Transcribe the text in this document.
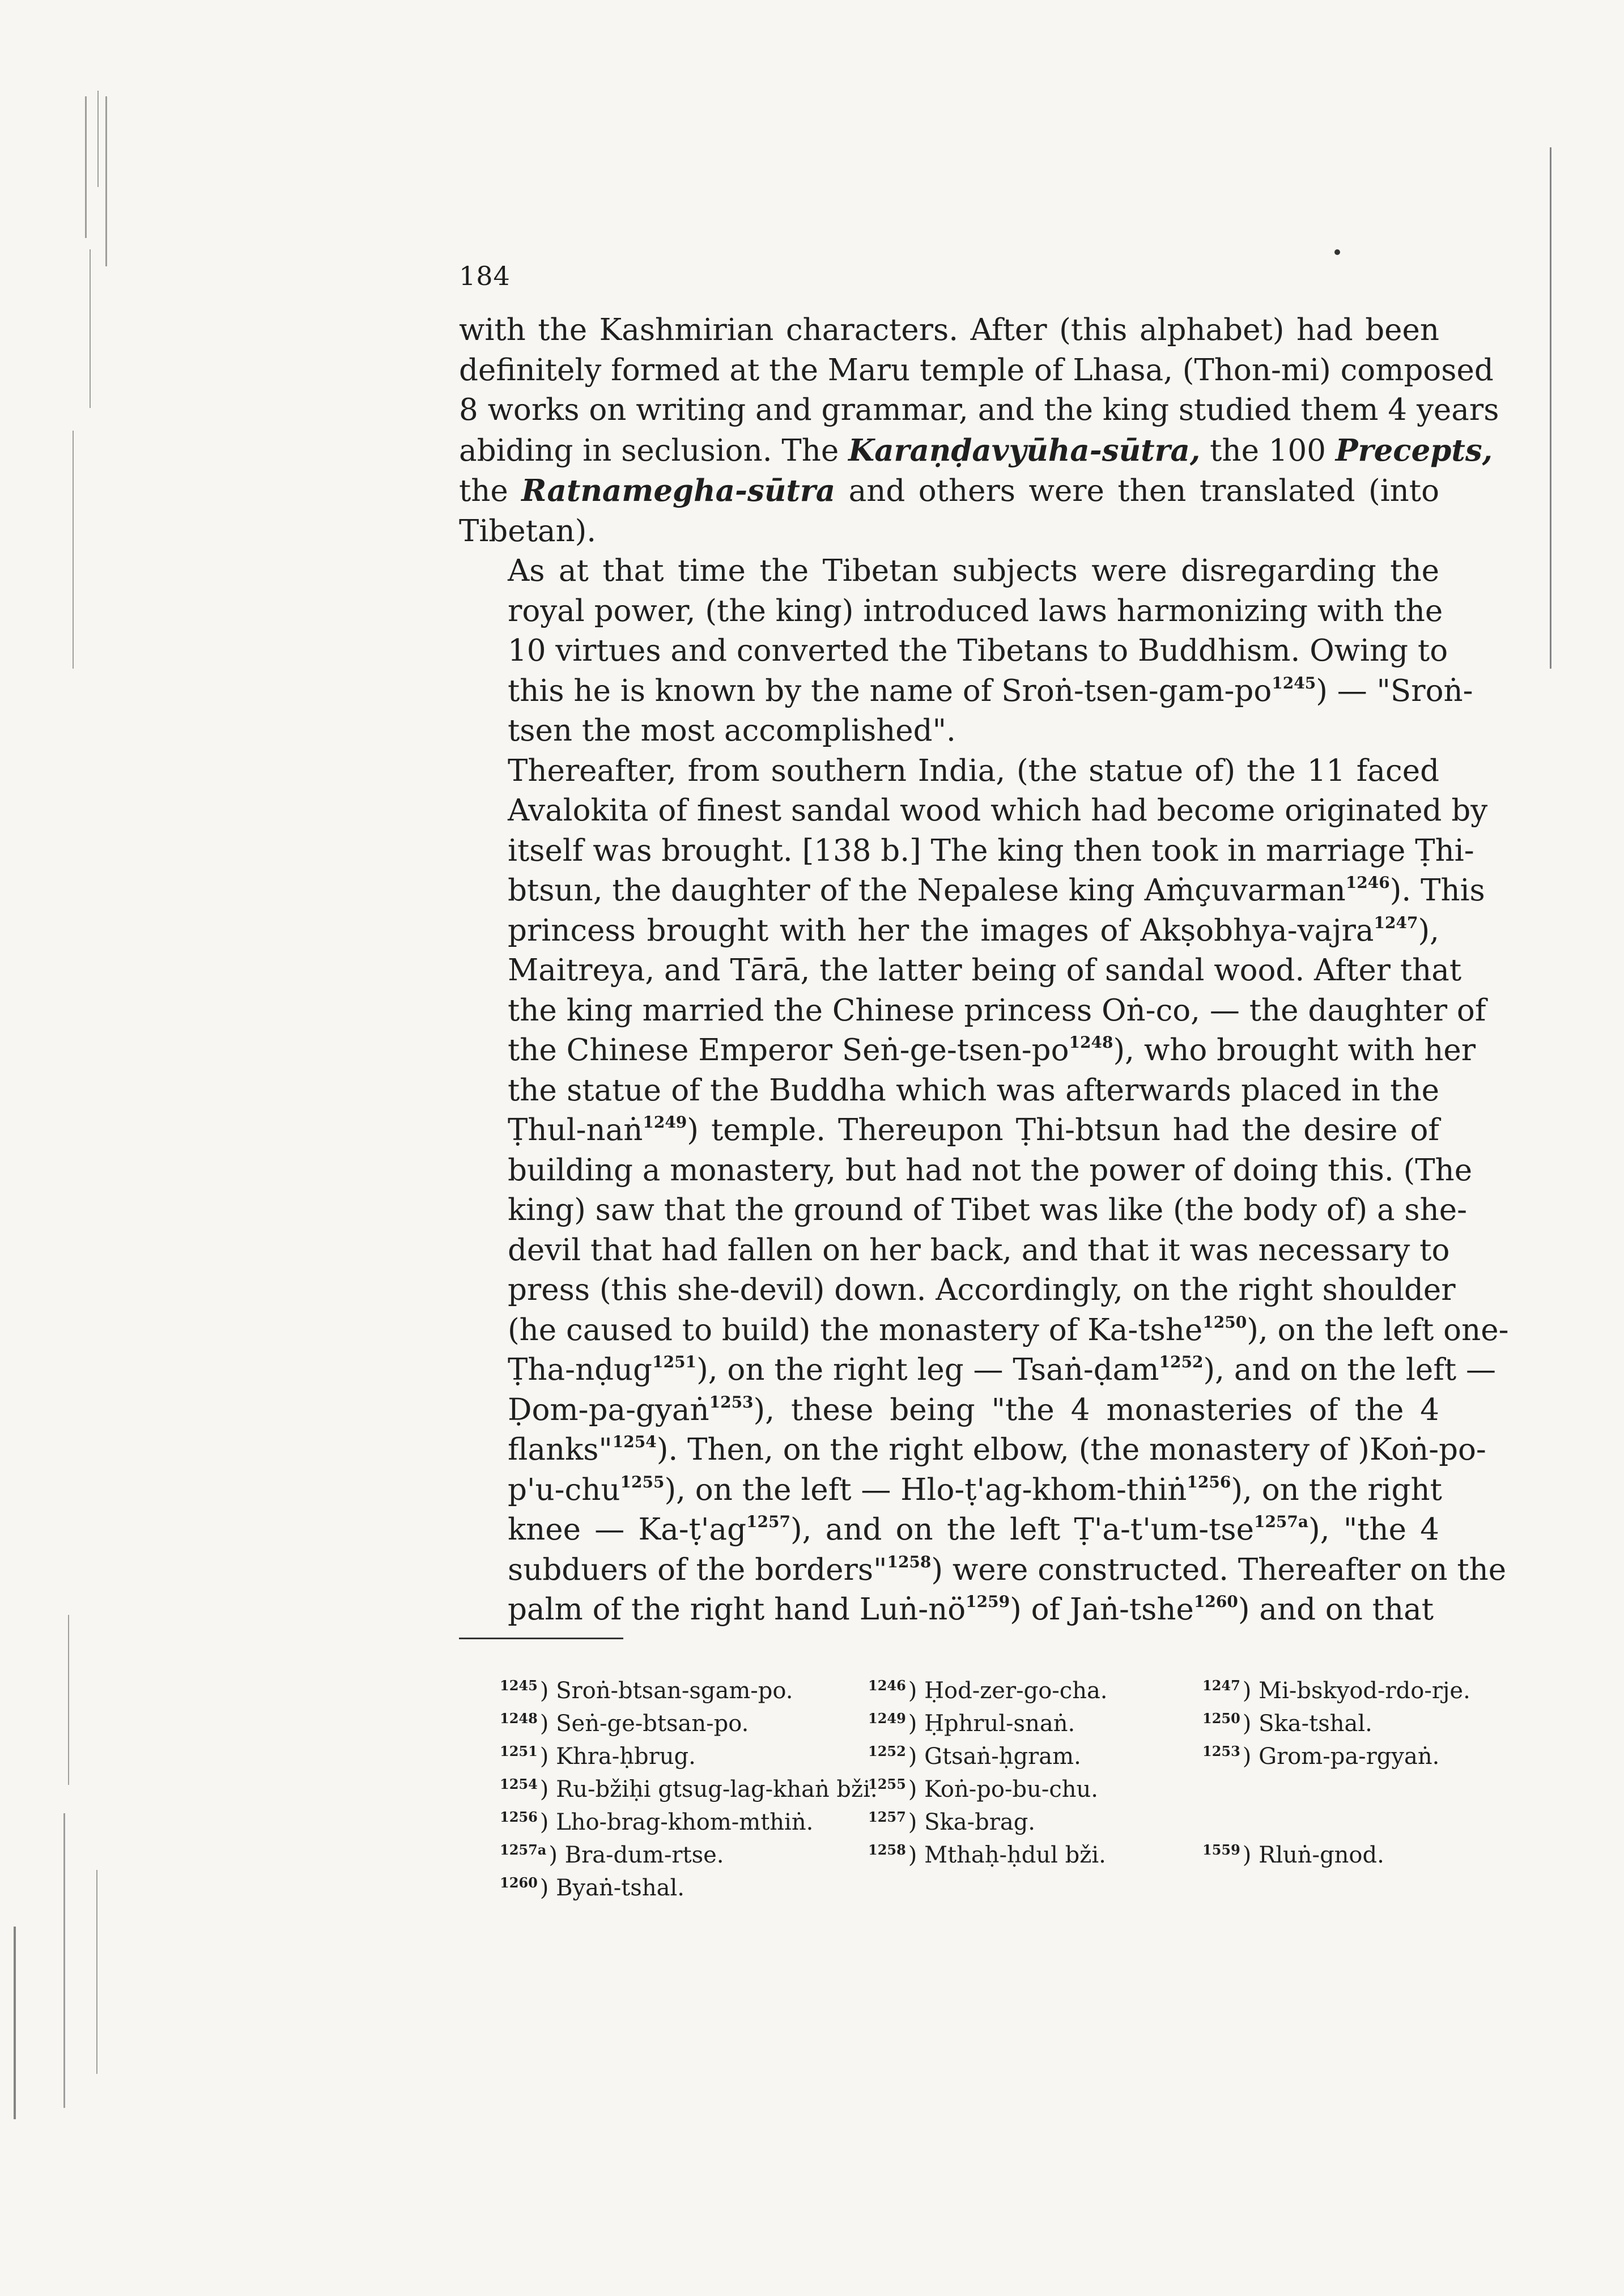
184

with the Kashmirian characters. After (this alphabet) had been
definitely formed at the Maru temple of Lhasa, (Thon-mi) composed
8 works on writing and grammar, and the king studied them 4 years
abiding in seclusion. The Karaṇḍavyūha-sūtra, the 100 Precepts,
the Ratnamegha-sūtra and others were then translated (into
Tibetan).

As at that time the Tibetan subjects were disregarding the
royal power, (the king) introduced laws harmonizing with the
10 virtues and converted the Tibetans to Buddhism. Owing to
this he is known by the name of Sroṅ-$tsen-gam-po^{1245}$) — "Sroṅ-
tsen the most accomplished".

Thereafter, from southern India, (the statue of) the 11 faced
Avalokita of finest sandal wood which had become originated by
itself was brought. [138 b.] The king then took in marriage Ṭhi-
btsun, the daughter of the Nepalese king Aṁçuvarman$^{1246}$). This
princess brought with her the images of Akṣobhya-vajra$^{1247}$),
Maitreya, and Tārā, the latter being of sandal wood. After that
the king married the Chinese princess Oṅ-co, — the daughter of
the Chinese Emperor Seṅ-$ge-tsen-po^{1248}$), who brought with her
the statue of the Buddha which was afterwards placed in the
Ṭhul-naṅ$^{1249}$) temple. Thereupon Ṭhi-btsun had the desire of
building a monastery, but had not the power of doing this. (The
king) saw that the ground of Tibet was like (the body of) a she-
devil that had fallen on her back, and that it was necessary to
press (this she-devil) down. Accordingly, on the right shoulder
(he caused to build) the monastery of Ka-tshe$^{1250}$), on the left one-
Ṭha-nḍug$^{1251}$), on the right leg — Tsaṅ-ḍam$^{1252}$), and on the left —
Ḍom-pa-gyaṅ$^{1253}$), these being "the 4 monasteries of the 4
flanks"$^{1254}$). Then, on the right elbow, (the monastery of )Koṅ-po-
p'u-chu$^{1255}$), on the left — Hlo-ṭ'ag-khom-thiṅ$^{1256}$), on the right
knee — $Ka-ṭ'ag^{1257}$), and on the left Ṭ'a-t'um-tse$^{1257a}$), "the 4
subduers of the borders"$^{1258}$) were constructed. Thereafter on the
palm of the right hand Luṅ-$nö^{1259}$) of Jaṅ-tshe$^{1260}$) and on that

$^{1245}$ ) Sroṅ-btsan-sgam-po.	$^{1246}$ ) Ḥod-zer-go-cha.	$^{1247}$ ) Mi-bskyod-rdo-rje.
$^{1248}$ ) Seṅ-ge-btsan-po.	$^{1249}$ ) Ḥphrul-snaṅ.	$^{1250}$ ) Ska-tshal.
$^{1251}$ ) Khra-ḥbrug.	$^{1252}$ ) Gtsaṅ-ḥgram.	$^{1253}$ ) Grom-pa-rgyaṅ.
$^{1254}$ ) Ru-bžiḥi gtsug-lag-khaṅ bži.$^{1255}$ ) Koṅ-po-bu-chu.
$^{1256}$ ) Lho-brag-khom-mthiṅ.	$^{1257}$ ) Ska-brag.
$^{1257a}$ ) Bra-dum-rtse.	$^{1258}$ ) Mthaḥ-ḥdul bži.	$^{1559}$ ) Rluṅ-gnod.
$^{1260}$ ) Byaṅ-tshal.
